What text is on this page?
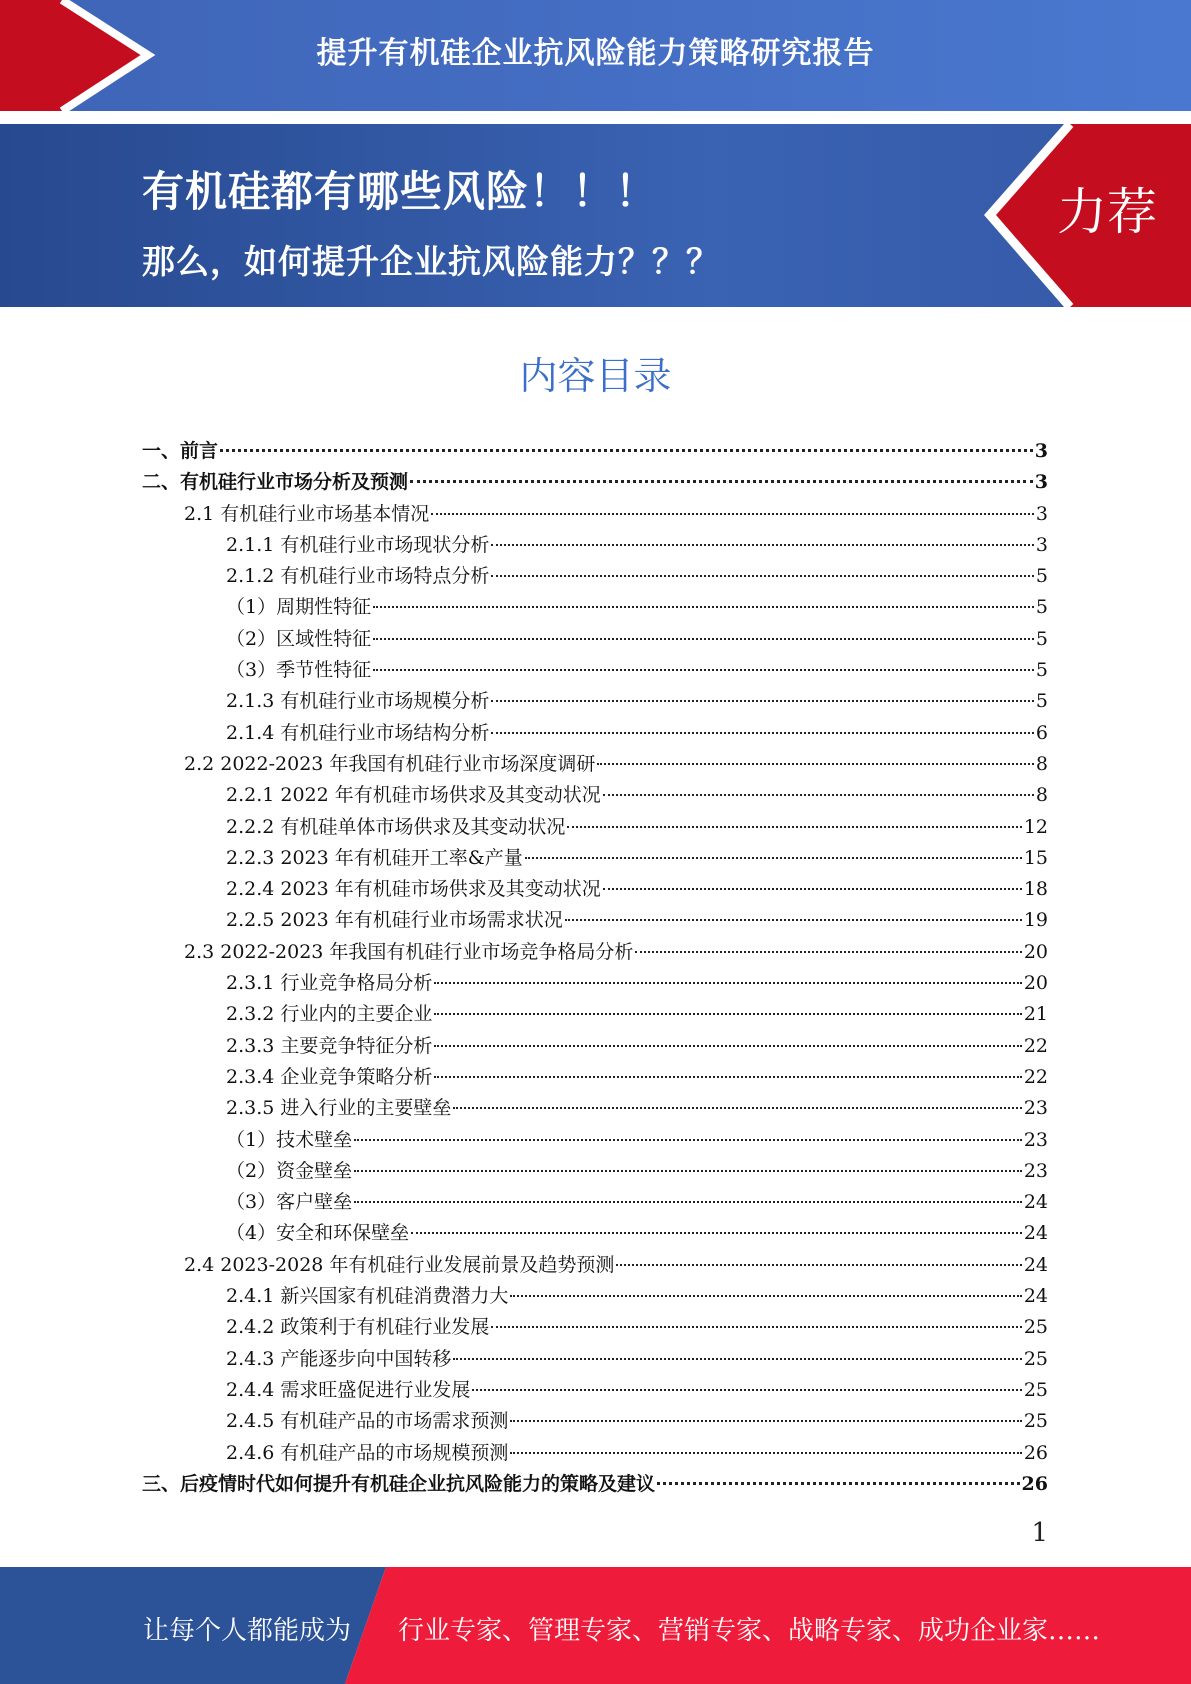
提升有机硅企业抗风险能力策略研究报告
有机硅都有哪些风险！！！
那么，如何提升企业抗风险能力？？？
力荐
内容目录
一、前言	3
二、有机硅行业市场分析及预测	3
2.1 有机硅行业市场基本情况	3
2.1.1 有机硅行业市场现状分析	3
2.1.2 有机硅行业市场特点分析	5
（1）周期性特征	5
（2）区域性特征	5
（3）季节性特征	5
2.1.3 有机硅行业市场规模分析	5
2.1.4 有机硅行业市场结构分析	6
2.2 2022-2023 年我国有机硅行业市场深度调研	8
2.2.1 2022 年有机硅市场供求及其变动状况	8
2.2.2 有机硅单体市场供求及其变动状况	12
2.2.3 2023 年有机硅开工率&产量	15
2.2.4 2023 年有机硅市场供求及其变动状况	18
2.2.5 2023 年有机硅行业市场需求状况	19
2.3 2022-2023 年我国有机硅行业市场竞争格局分析	20
2.3.1 行业竞争格局分析	20
2.3.2 行业内的主要企业	21
2.3.3 主要竞争特征分析	22
2.3.4 企业竞争策略分析	22
2.3.5 进入行业的主要壁垒	23
（1）技术壁垒	23
（2）资金壁垒	23
（3）客户壁垒	24
（4）安全和环保壁垒	24
2.4 2023-2028 年有机硅行业发展前景及趋势预测	24
2.4.1 新兴国家有机硅消费潜力大	24
2.4.2 政策利于有机硅行业发展	25
2.4.3 产能逐步向中国转移	25
2.4.4 需求旺盛促进行业发展	25
2.4.5 有机硅产品的市场需求预测	25
2.4.6 有机硅产品的市场规模预测	26
三、后疫情时代如何提升有机硅企业抗风险能力的策略及建议	26
1
让每个人都能成为 行业专家、管理专家、营销专家、战略专家、成功企业家……
